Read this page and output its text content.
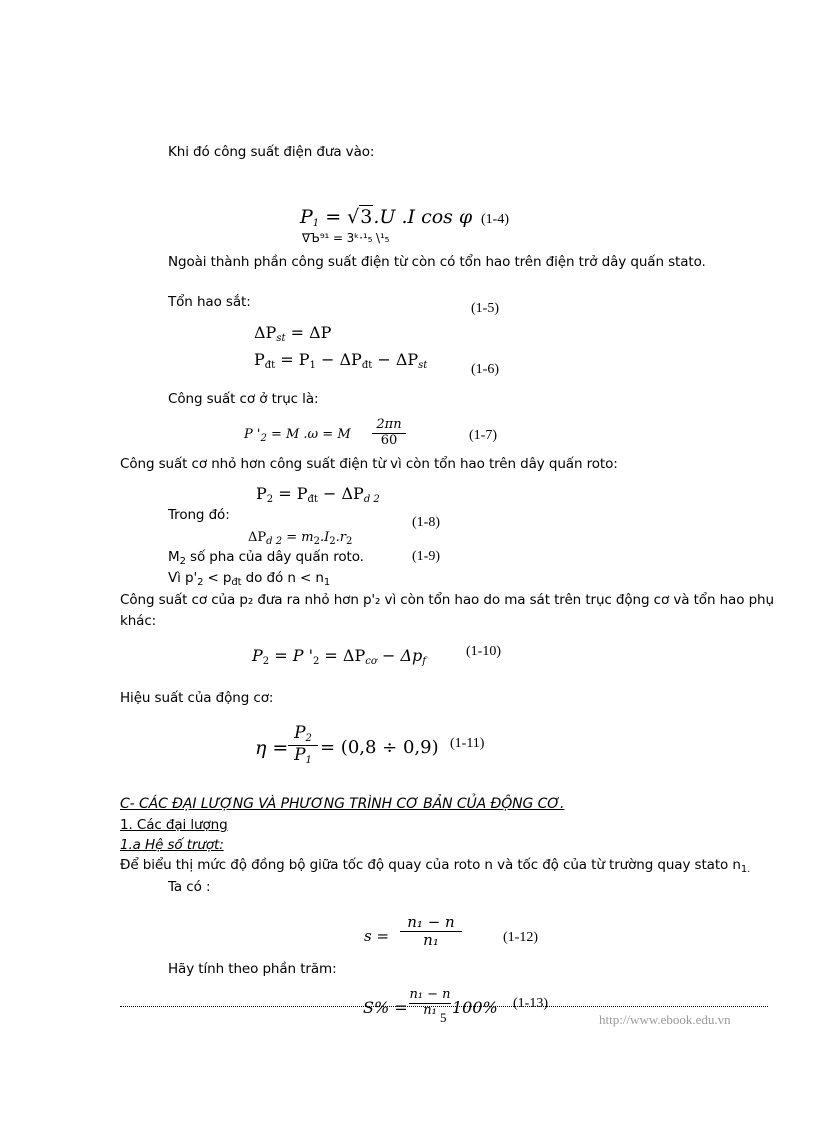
Khi đó công suất điện đưa vào:
$P_1 = √3.U$ .I cos φ (1-4)
∇Ъ⁹¹ = 3ᵏ·¹₅ \¹₅
Ngoài thành phần công suất điện từ còn có tổn hao trên điện trở dây quấn stato.
Tổn hao sắt:	(1-5)
$\Delta P_{st} = \Delta P$
$P_{đt} = P_1 - \Delta P_{đt} - \Delta P_{st}$	(1-6)
Công suất cơ ở trục là:
P '$_2 = M$ .ω = M
2πn
60	(1-7)
Công suất cơ nhỏ hơn công suất điện từ vì còn tổn hao trên dây quấn roto:
$P_2 = P_{đt} - \Delta P_{d 2}$
Trong đó:	(1-8)
$\Delta P_{d 2} = m_2.I_2.r_2$
$M_2$ số pha của dây quấn roto.	(1-9)
Vì $p'_2 < p_{đt}$ do đó $n < n_1$
Công suất cơ của p₂ đưa ra nhỏ hơn p'₂ vì còn tổn hao do ma sát trên trục động cơ và tổn hao phụ
khác:
$P_2 = P$ '$_2 = \Delta P_{cơ} - \Delta p_f$
(1-10)
Hiệu suất của động cơ:
η =
$P_2$
$P_1$
= (0,8 ÷ 0,9) (1-11)
C- CÁC ĐẠI LƯỢNG VÀ PHƯƠNG TRÌNH CƠ BẢN CỦA ĐỘNG CƠ.
1. Các đại lượng
1.a Hệ số trượt:
Để biểu thị mức độ đồng bộ giữa tốc độ quay của roto n và tốc độ của từ trường quay stato $n_{1.}$
Ta có :
s =
n₁ − n
n₁	(1-12)
Hãy tính theo phần trăm:
S% =
n₁ − n
n₁ 100% (1-13)
5	http://www.ebook.edu.vn
